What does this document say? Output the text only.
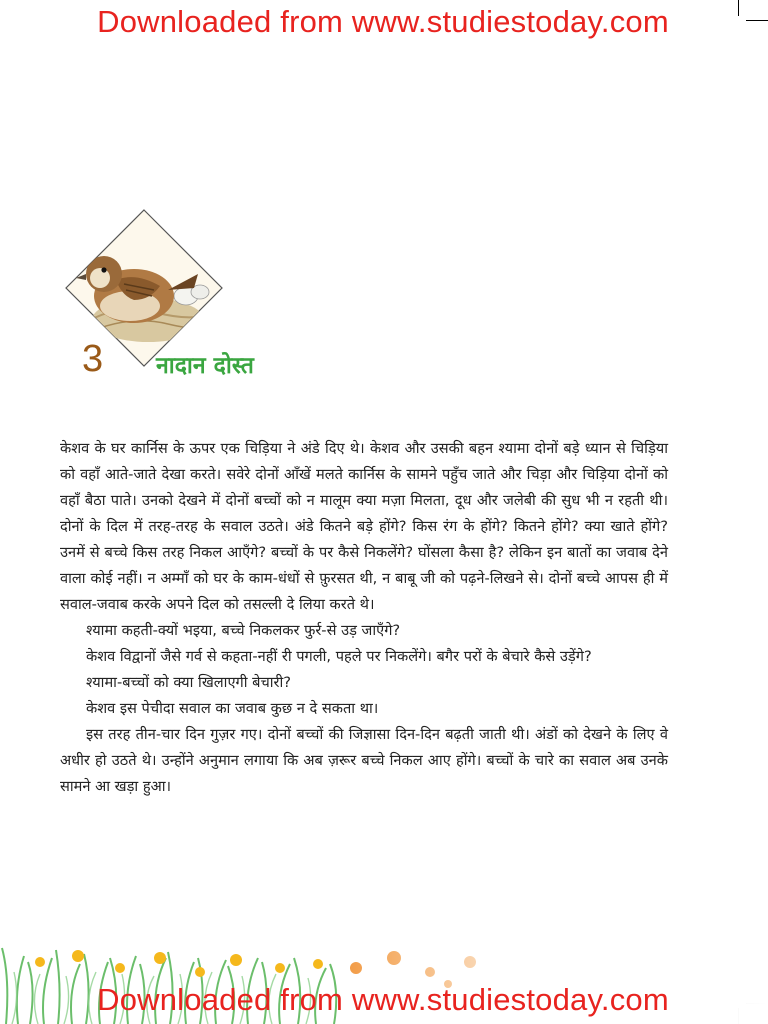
Downloaded from www.studiestoday.com
3 नादान दोस्त

केशव के घर कार्निस के ऊपर एक चिड़िया ने अंडे दिए थे। केशव और उसकी बहन श्यामा दोनों बड़े ध्यान से चिड़िया को वहाँ आते-जाते देखा करते। सवेरे दोनों आँखें मलते कार्निस के सामने पहुँच जाते और चिड़ा और चिड़िया दोनों को वहाँ बैठा पाते। उनको देखने में दोनों बच्चों को न मालूम क्या मज़ा मिलता, दूध और जलेबी की सुध भी न रहती थी। दोनों के दिल में तरह-तरह के सवाल उठते। अंडे कितने बड़े होंगे? किस रंग के होंगे? कितने होंगे? क्या खाते होंगे? उनमें से बच्चे किस तरह निकल आएँगे? बच्चों के पर कैसे निकलेंगे? घोंसला कैसा है? लेकिन इन बातों का जवाब देने वाला कोई नहीं। न अम्माँ को घर के काम-धंधों से फ़ुरसत थी, न बाबू जी को पढ़ने-लिखने से। दोनों बच्चे आपस ही में सवाल-जवाब करके अपने दिल को तसल्ली दे लिया करते थे।

श्यामा कहती-क्यों भइया, बच्चे निकलकर फुर्र-से उड़ जाएँगे?

केशव विद्वानों जैसे गर्व से कहता-नहीं री पगली, पहले पर निकलेंगे। बगैर परों के बेचारे कैसे उड़ेंगे?

श्यामा-बच्चों को क्या खिलाएगी बेचारी?

केशव इस पेचीदा सवाल का जवाब कुछ न दे सकता था।

इस तरह तीन-चार दिन गुज़र गए। दोनों बच्चों की जिज्ञासा दिन-दिन बढ़ती जाती थी। अंडों को देखने के लिए वे अधीर हो उठते थे। उन्होंने अनुमान लगाया कि अब ज़रूर बच्चे निकल आए होंगे। बच्चों के चारे का सवाल अब उनके सामने आ खड़ा हुआ।

Downloaded from www.studiestoday.com
